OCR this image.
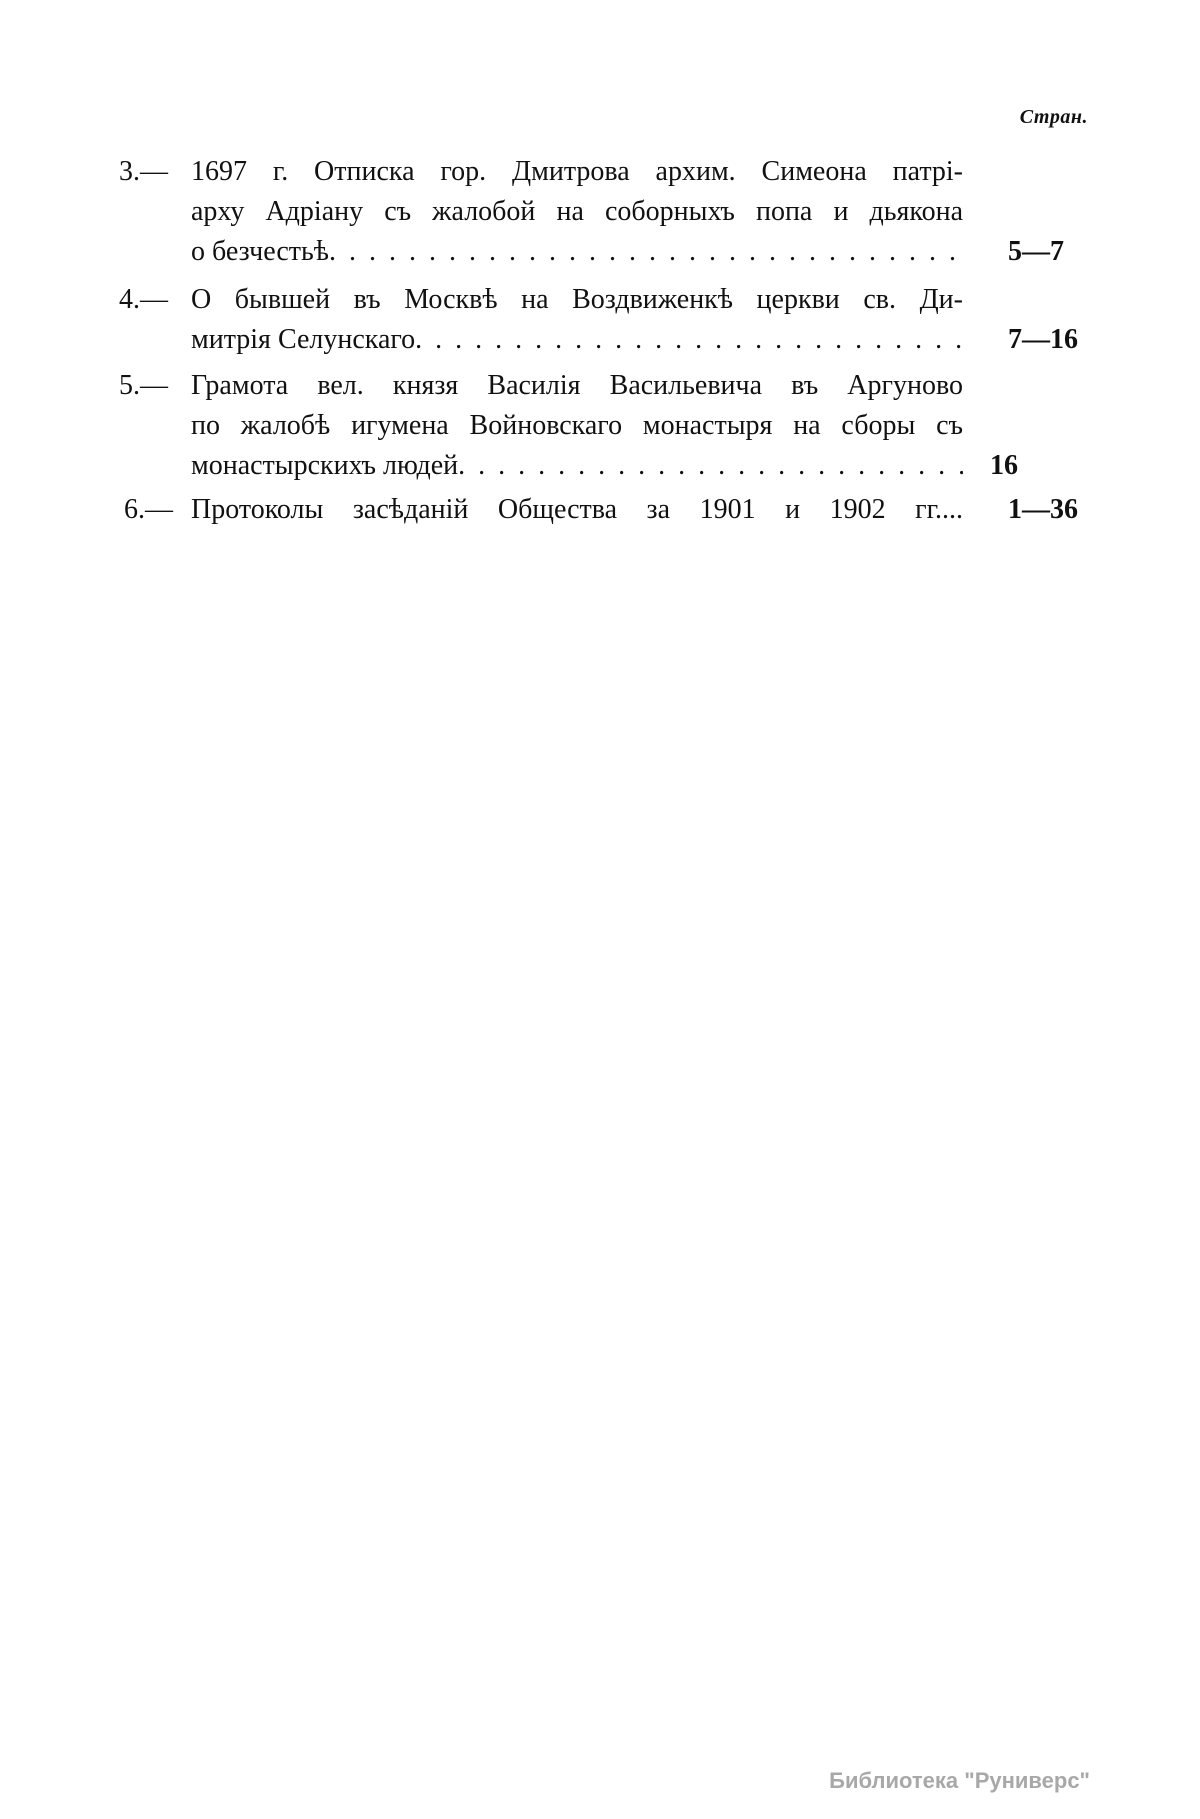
Стран.
3.— 1697 г. Отписка гор. Дмитрова архим. Симеона патрі-
арху Адріану съ жалобой на соборныхъ попа и дьякона
о безчестьѣ . . .	5—7
4.— О бывшей въ Москвѣ на Воздвиженкѣ церкви св. Ди-
митрія Селунскаго . . .	7—16
5.— Грамота вел. князя Василія Васильевича въ Аргуново
по жалобѣ игумена Войновскаго монастыря на сборы съ
монастырскихъ людей . . .	16
6.— Протоколы засѣданій Общества за 1901 и 1902 гг.... 1—36
Библиотека "Руниверс"
